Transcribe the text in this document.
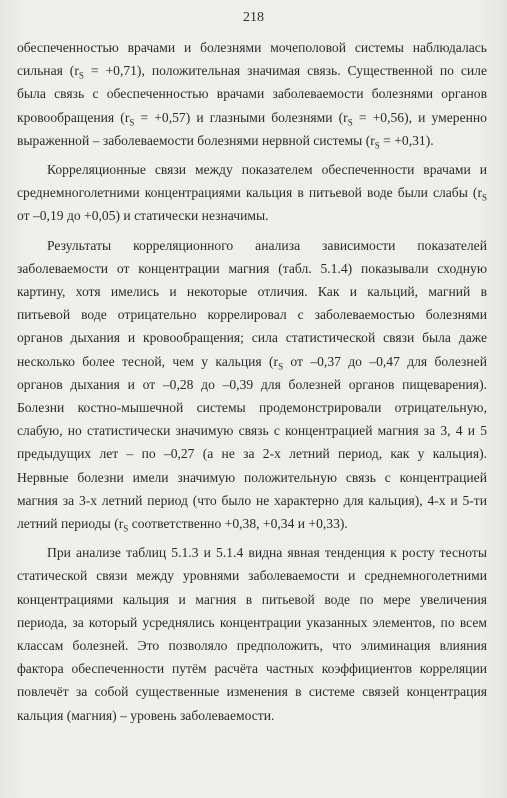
218
обеспеченностью врачами и болезнями мочеполовой системы наблюдалась
сильная $(r_S = +0,71)$, положительная значимая связь. Существенной по силе
была связь с обеспеченностью врачами заболеваемости болезнями органов
кровообращения $(r_S = +0,57)$ и глазными болезнями $(r_S = +0,56)$, и умеренно
выраженной – заболеваемости болезнями нервной системы $(r_S = +0,31)$.
Корреляционные связи между показателем обеспеченности врачами и
среднемноголетними концентрациями кальция в питьевой воде были слабы ($r_S$
от –0,19 до +0,05) и статически незначимы.
Результаты корреляционного анализа зависимости показателей
заболеваемости от концентрации магния (табл. 5.1.4) показывали сходную
картину, хотя имелись и некоторые отличия. Как и кальций, магний в
питьевой воде отрицательно коррелировал с заболеваемостью болезнями
органов дыхания и кровообращения; сила статистической связи была даже
несколько более тесной, чем у кальция ($r_S$ от –0,37 до –0,47 для болезней
органов дыхания и от –0,28 до –0,39 для болезней органов пищеварения).
Болезни костно-мышечной системы продемонстрировали отрицательную,
слабую, но статистически значимую связь с концентрацией магния за 3, 4 и 5
предыдущих лет – по –0,27 (а не за 2-х летний период, как у кальция).
Нервные болезни имели значимую положительную связь с концентрацией
магния за 3-х летний период (что было не характерно для кальция), 4-х и 5-ти
летний периоды ($r_S$ соответственно +0,38, +0,34 и +0,33).
При анализе таблиц 5.1.3 и 5.1.4 видна явная тенденция к росту тесноты
статической связи между уровнями заболеваемости и среднемноголетними
концентрациями кальция и магния в питьевой воде по мере увеличения
периода, за который усреднялись концентрации указанных элементов, по всем
классам болезней. Это позволяло предположить, что элиминация влияния
фактора обеспеченности путём расчёта частных коэффициентов корреляции
повлечёт за собой существенные изменения в системе связей концентрация
кальция (магния) – уровень заболеваемости.
